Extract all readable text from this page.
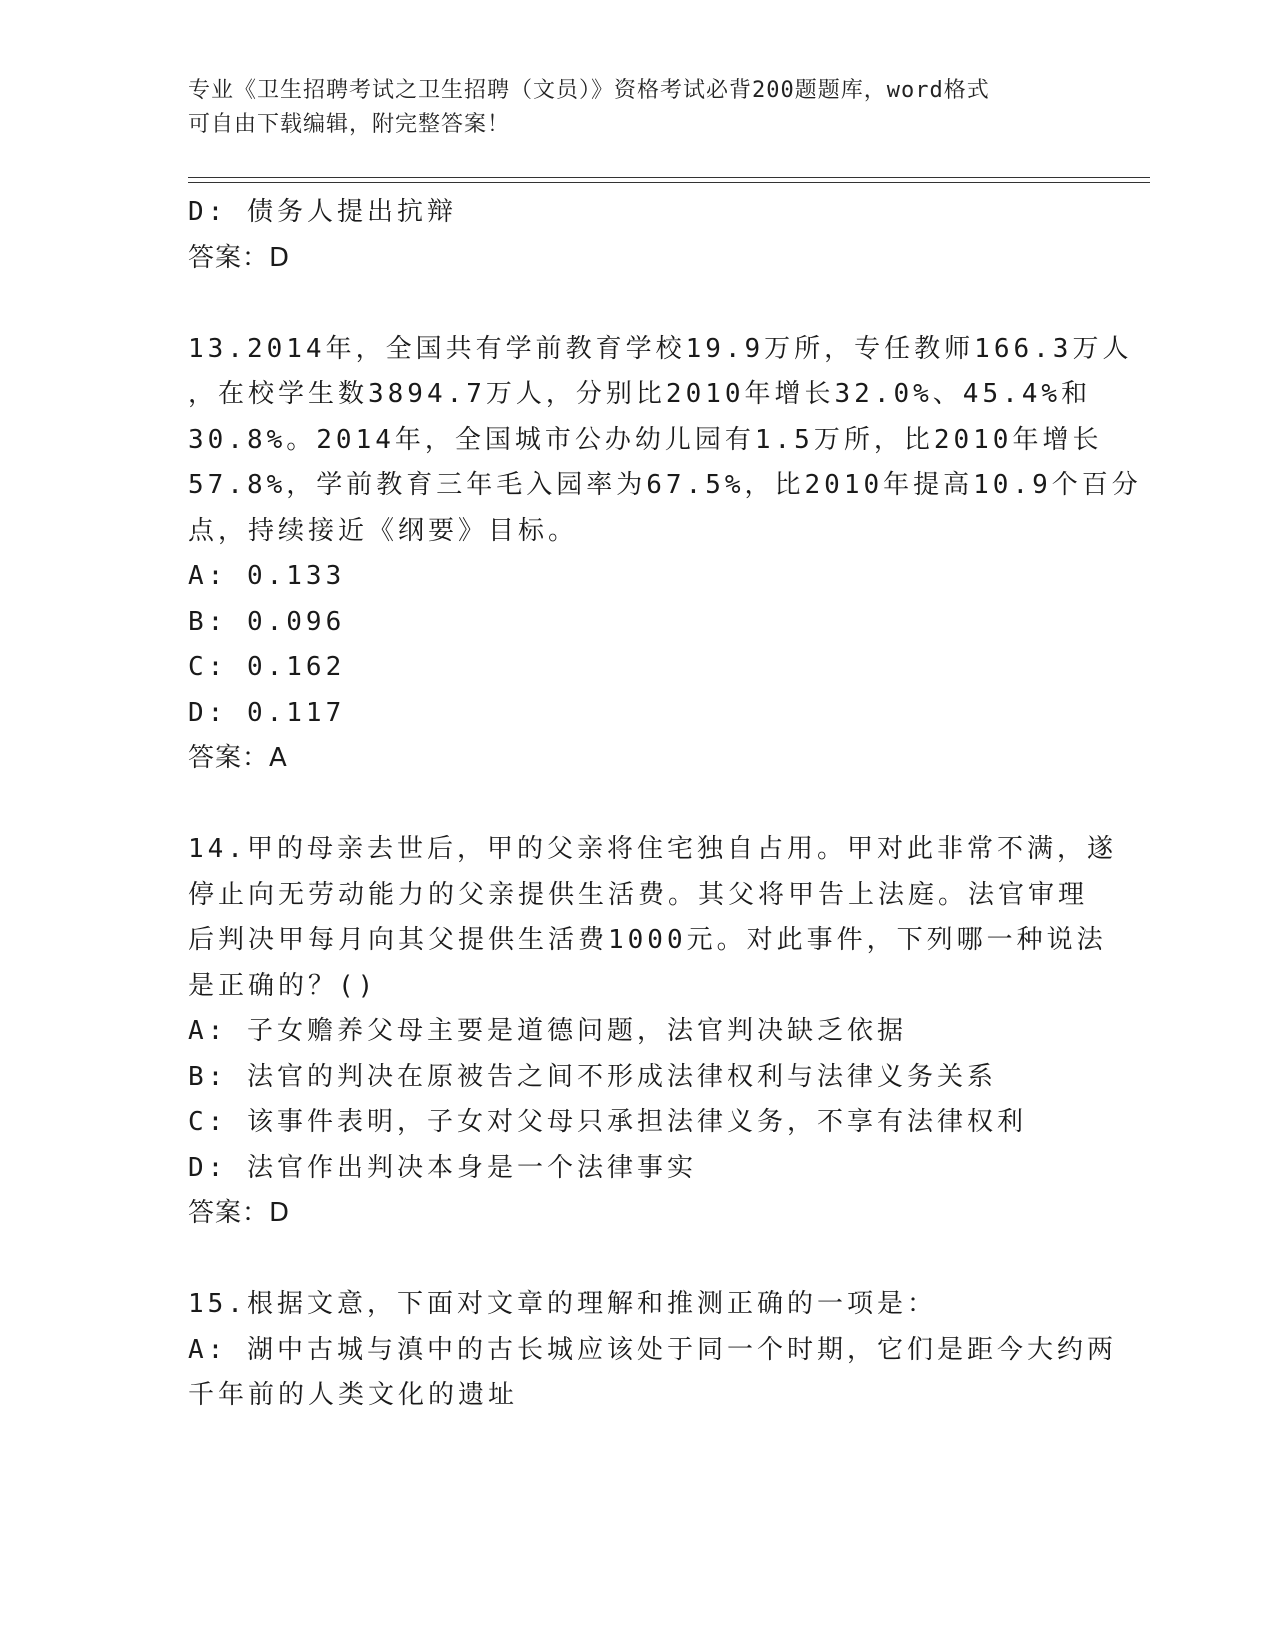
专业《卫生招聘考试之卫生招聘（文员）》资格考试必背200题题库，word格式
可自由下载编辑，附完整答案！

D: 债务人提出抗辩

答案：D

13.2014年，全国共有学前教育学校19.9万所，专任教师166.3万人

，在校学生数3894.7万人，分别比2010年增长32.0%、45.4%和

30.8%。2014年，全国城市公办幼儿园有1.5万所，比2010年增长

57.8%，学前教育三年毛入园率为67.5%，比2010年提高10.9个百分

点，持续接近《纲要》目标。

A: 0.133

B: 0.096

C: 0.162

D: 0.117

答案：A

14.甲的母亲去世后，甲的父亲将住宅独自占用。甲对此非常不满，遂

停止向无劳动能力的父亲提供生活费。其父将甲告上法庭。法官审理

后判决甲每月向其父提供生活费1000元。对此事件，下列哪一种说法

是正确的？()

A: 子女赡养父母主要是道德问题，法官判决缺乏依据

B: 法官的判决在原被告之间不形成法律权利与法律义务关系

C: 该事件表明，子女对父母只承担法律义务，不享有法律权利

D: 法官作出判决本身是一个法律事实

答案：D

15.根据文意，下面对文章的理解和推测正确的一项是：

A: 湖中古城与滇中的古长城应该处于同一个时期，它们是距今大约两

千年前的人类文化的遗址
